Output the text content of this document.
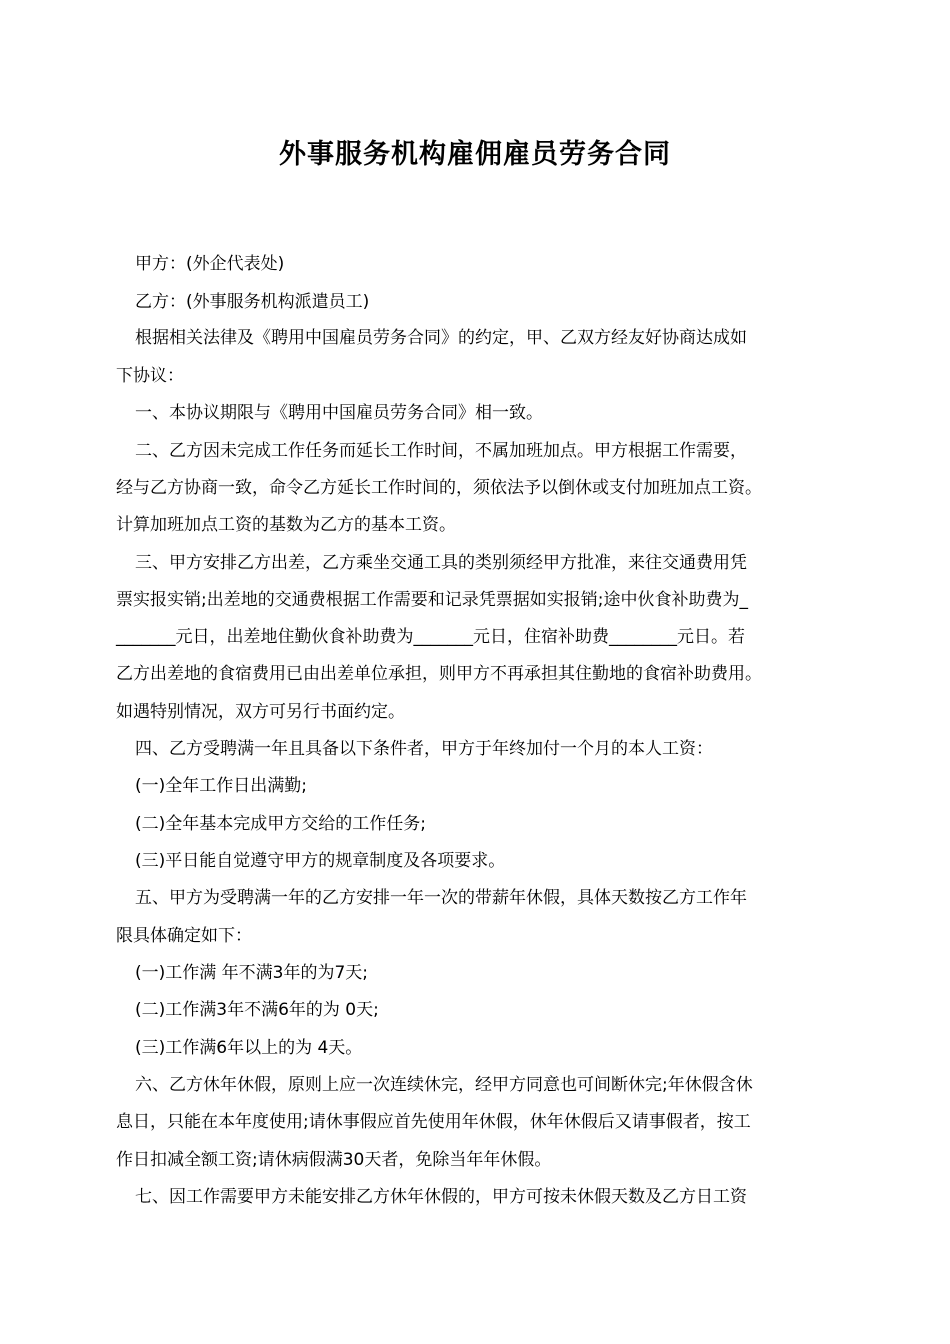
外事服务机构雇佣雇员劳务合同
甲方：(外企代表处)
乙方：(外事服务机构派遣员工)
根据相关法律及《聘用中国雇员劳务合同》的约定，甲、乙双方经友好协商达成如
下协议：
一、本协议期限与《聘用中国雇员劳务合同》相一致。
二、乙方因未完成工作任务而延长工作时间，不属加班加点。甲方根据工作需要，
经与乙方协商一致，命令乙方延长工作时间的，须依法予以倒休或支付加班加点工资。
计算加班加点工资的基数为乙方的基本工资。
三、甲方安排乙方出差，乙方乘坐交通工具的类别须经甲方批准，来往交通费用凭
票实报实销;出差地的交通费根据工作需要和记录凭票据如实报销;途中伙食补助费为_
_______元日，出差地住勤伙食补助费为_______元日，住宿补助费________元日。若
乙方出差地的食宿费用已由出差单位承担，则甲方不再承担其住勤地的食宿补助费用。
如遇特别情况，双方可另行书面约定。
四、乙方受聘满一年且具备以下条件者，甲方于年终加付一个月的本人工资：
(一)全年工作日出满勤;
(二)全年基本完成甲方交给的工作任务;
(三)平日能自觉遵守甲方的规章制度及各项要求。
五、甲方为受聘满一年的乙方安排一年一次的带薪年休假，具体天数按乙方工作年
限具体确定如下：
(一)工作满 年不满3年的为7天;
(二)工作满3年不满6年的为 0天;
(三)工作满6年以上的为 4天。
六、乙方休年休假，原则上应一次连续休完，经甲方同意也可间断休完;年休假含休
息日，只能在本年度使用;请休事假应首先使用年休假，休年休假后又请事假者，按工
作日扣减全额工资;请休病假满30天者，免除当年年休假。
七、因工作需要甲方未能安排乙方休年休假的，甲方可按未休假天数及乙方日工资
